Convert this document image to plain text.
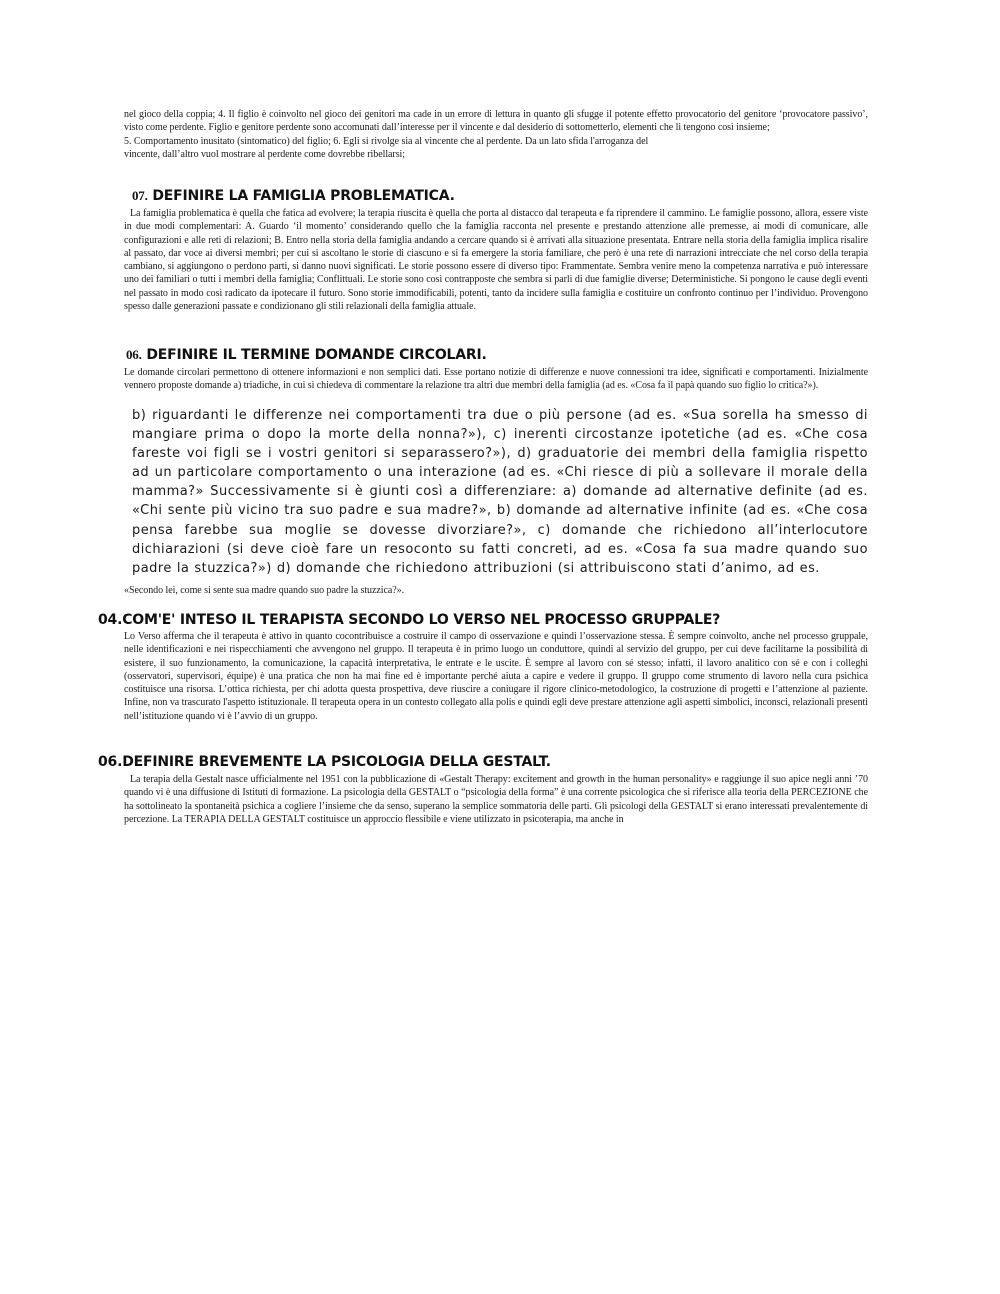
nel gioco della coppia; 4. Il figlio è coinvolto nel gioco dei genitori ma cade in un errore di lettura in quanto gli sfugge il potente effetto provocatorio del genitore ‘provocatore passivo’, visto come perdente. Figlio e genitore perdente sono accomunati dall’interesse per il vincente e dal desiderio di sottometterlo, elementi che li tengono così insieme;

5. Comportamento inusitato (sintomatico) del figlio; 6. Egli si rivolge sia al vincente che al perdente. Da un lato sfida l'arroganza del vincente, dall’altro vuol mostrare al perdente come dovrebbe ribellarsi;

07. DEFINIRE LA FAMIGLIA PROBLEMATICA.

La famiglia problematica è quella che fatica ad evolvere; la terapia riuscita è quella che porta al distacco dal terapeuta e fa riprendere il cammino. Le famiglie possono, allora, essere viste in due modi complementari: A. Guardo ‘il momento’ considerando quello che la famiglia racconta nel presente e prestando attenzione alle premesse, ai modi di comunicare, alle configurazioni e alle reti di relazioni; B. Entro nella storia della famiglia andando a cercare quando si è arrivati alla situazione presentata. Entrare nella storia della famiglia implica risalire al passato, dar voce ai diversi membri; per cui si ascoltano le storie di ciascuno e si fa emergere la storia familiare, che però è una rete di narrazioni intrecciate che nel corso della terapia cambiano, si aggiungono o perdono parti, si danno nuovi significati. Le storie possono essere di diverso tipo: Frammentate. Sembra venire meno la competenza narrativa e può interessare uno dei familiari o tutti i membri della famiglia; Conflittuali. Le storie sono così contrapposte che sembra si parli di due famiglie diverse; Deterministiche. Si pongono le cause degli eventi nel passato in modo così radicato da ipotecare il futuro. Sono storie immodificabili, potenti, tanto da incidere sulla famiglia e costituire un confronto continuo per l’individuo. Provengono spesso dalle generazioni passate e condizionano gli stili relazionali della famiglia attuale.

06. DEFINIRE IL TERMINE DOMANDE CIRCOLARI.

Le domande circolari permettono di ottenere informazioni e non semplici dati. Esse portano notizie di differenze e nuove connessioni tra idee, significati e comportamenti. Inizialmente vennero proposte domande a) triadiche, in cui si chiedeva di commentare la relazione tra altri due membri della famiglia (ad es. «Cosa fa il papà quando suo figlio lo critica?»).

b) riguardanti le differenze nei comportamenti tra due o più persone (ad es. «Sua sorella ha smesso di mangiare prima o dopo la morte della nonna?»), c) inerenti circostanze ipotetiche (ad es. «Che cosa fareste voi figli se i vostri genitori si separassero?»), d) graduatorie dei membri della famiglia rispetto ad un particolare comportamento o una interazione (ad es. «Chi riesce di più a sollevare il morale della mamma?» Successivamente si è giunti così a differenziare: a) domande ad alternative definite (ad es. «Chi sente più vicino tra suo padre e sua madre?», b) domande ad alternative infinite (ad es. «Che cosa pensa farebbe sua moglie se dovesse divorziare?», c) domande che richiedono all’interlocutore dichiarazioni (si deve cioè fare un resoconto su fatti concreti, ad es. «Cosa fa sua madre quando suo padre la stuzzica?») d) domande che richiedono attribuzioni (si attribuiscono stati d’animo, ad es.

«Secondo lei, come si sente sua madre quando suo padre la stuzzica?».

04.COM'E' INTESO IL TERAPISTA SECONDO LO VERSO NEL PROCESSO GRUPPALE?

Lo Verso afferma che il terapeuta è attivo in quanto cocontribuisce a costruire il campo di osservazione e quindi l’osservazione stessa. È sempre coinvolto, anche nel processo gruppale, nelle identificazioni e nei rispecchiamenti che avvengono nel gruppo. Il terapeuta è in primo luogo un conduttore, quindi al servizio del gruppo, per cui deve facilitarne la possibilità di esistere, il suo funzionamento, la comunicazione, la capacità interpretativa, le entrate e le uscite. È sempre al lavoro con sé stesso; infatti, il lavoro analitico con sé e con i colleghi (osservatori, supervisori, équipe) è una pratica che non ha mai fine ed è importante perché aiuta a capire e vedere il gruppo. Il gruppo come strumento di lavoro nella cura psichica costituisce una risorsa. L’ottica richiesta, per chi adotta questa prospettiva, deve riuscire a coniugare il rigore clinico-metodologico, la costruzione di progetti e l’attenzione al paziente. Infine, non va trascurato l'aspetto istituzionale. Il terapeuta opera in un contesto collegato alla polis e quindi egli deve prestare attenzione agli aspetti simbolici, inconsci, relazionali presenti nell’istituzione quando vi è l’avvio di un gruppo.

06.DEFINIRE BREVEMENTE LA PSICOLOGIA DELLA GESTALT.

La terapia della Gestalt nasce ufficialmente nel 1951 con la pubblicazione di «Gestalt Therapy: excitement and growth in the human personality» e raggiunge il suo apice negli anni ’70 quando vi è una diffusione di Istituti di formazione. La psicologia della GESTALT o “psicologia della forma” è una corrente psicologica che si riferisce alla teoria della PERCEZIONE che ha sottolineato la spontaneità psichica a cogliere l’insieme che da senso, superano la semplice sommatoria delle parti. Gli psicologi della GESTALT si erano interessati prevalentemente di percezione. La TERAPIA DELLA GESTALT costituisce un approccio flessibile e viene utilizzato in psicoterapia, ma anche in
